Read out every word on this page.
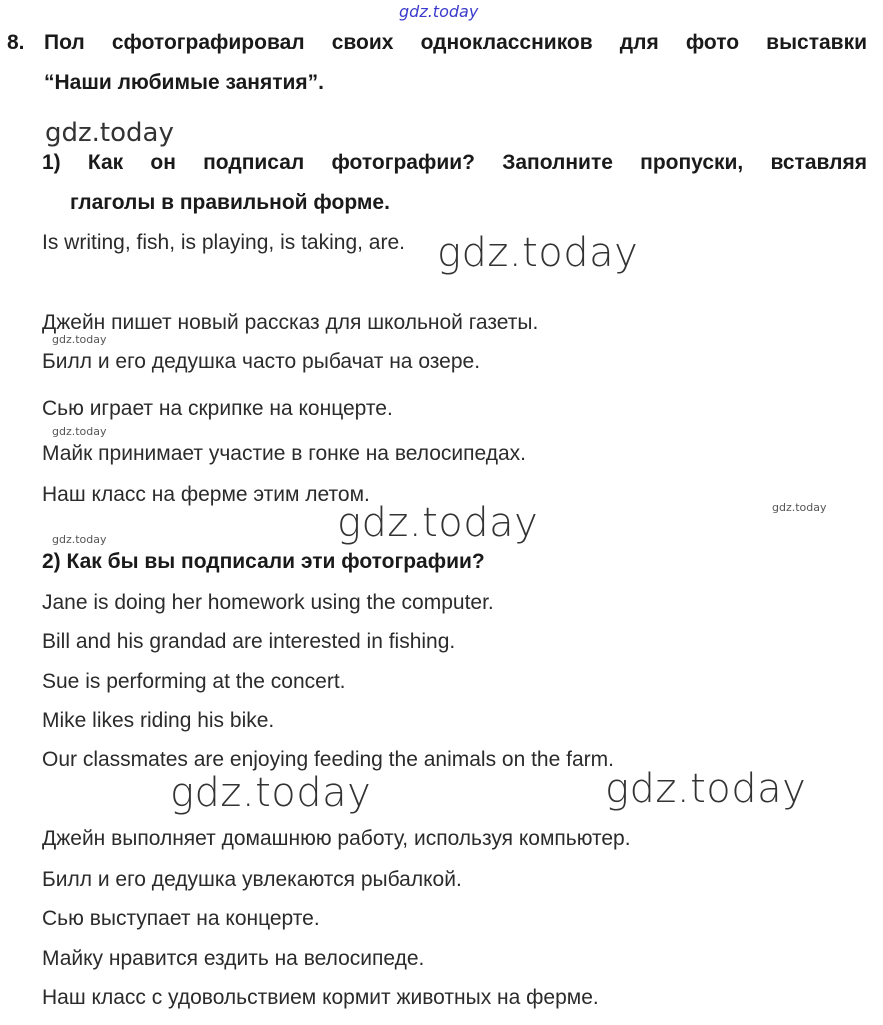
gdz.today
gdz.today
gdz.today
gdz.today
gdz.today
gdz.today
gdz.today
gdz.today
gdz.today	gdz.today
8. Пол сфотографировал своих одноклассников для фото выставки
“Наши любимые занятия”.
1) Как он подписал фотографии? Заполните пропуски, вставляя
глаголы в правильной форме.
Is writing, fish, is playing, is taking, are.
Джейн пишет новый рассказ для школьной газеты.
Билл и его дедушка часто рыбачат на озере.
Сью играет на скрипке на концерте.
Майк принимает участие в гонке на велосипедах.
Наш класс на ферме этим летом.
2) Как бы вы подписали эти фотографии?
Jane is doing her homework using the computer.
Bill and his grandad are interested in fishing.
Sue is performing at the concert.
Mike likes riding his bike.
Our classmates are enjoying feeding the animals on the farm.
Джейн выполняет домашнюю работу, используя компьютер.
Билл и его дедушка увлекаются рыбалкой.
Сью выступает на концерте.
Майку нравится ездить на велосипеде.
Наш класс с удовольствием кормит животных на ферме.
